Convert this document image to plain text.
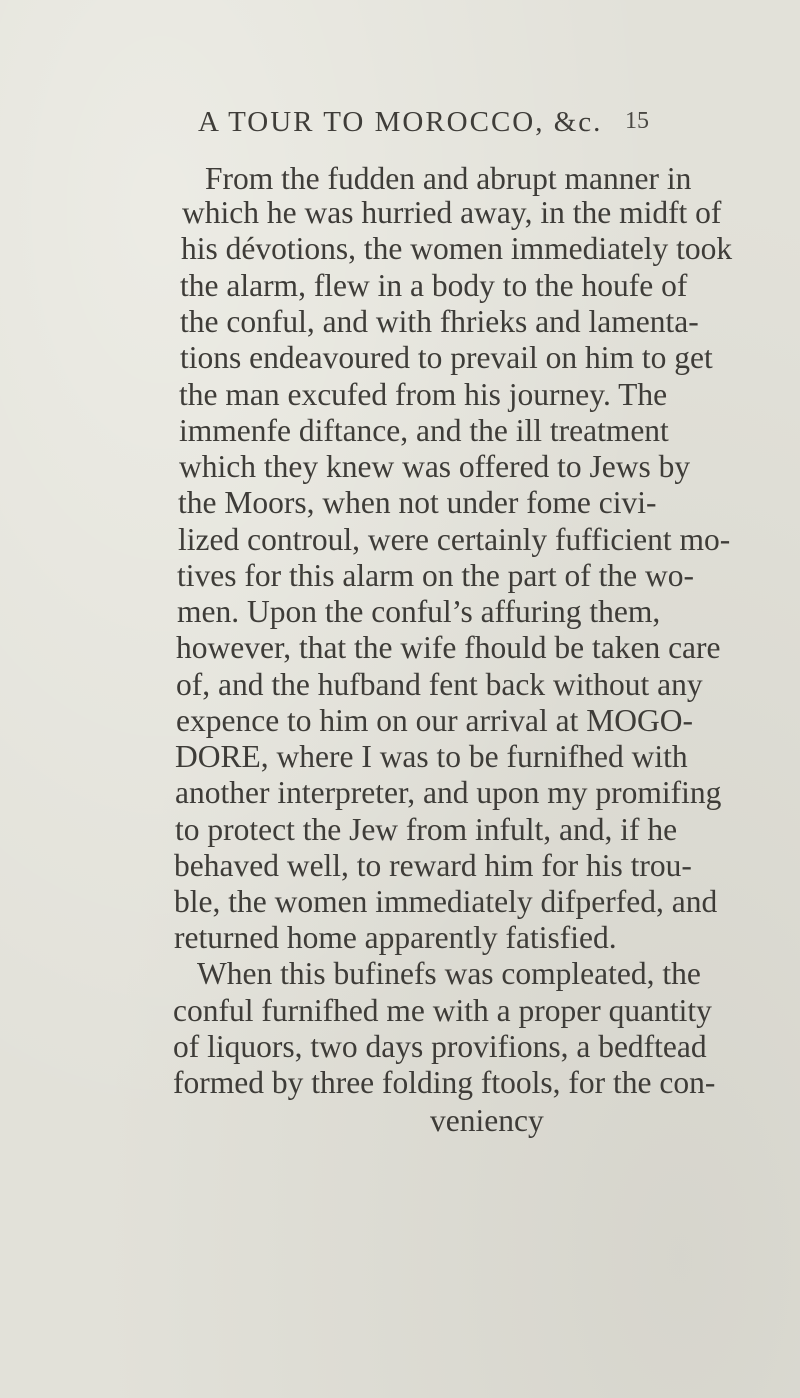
A TOUR TO MOROCCO, &c. 15
From the fudden and abrupt manner in
which he was hurried away, in the midft of
his dévotions, the women immediately took
the alarm, flew in a body to the houfe of
the conful, and with fhrieks and lamenta-
tions endeavoured to prevail on him to get
the man excufed from his journey. The
immenfe diftance, and the ill treatment
which they knew was offered to Jews by
the Moors, when not under fome civi-
lized controul, were certainly fufficient mo-
tives for this alarm on the part of the wo-
men. Upon the conful’s affuring them,
however, that the wife fhould be taken care
of, and the hufband fent back without any
expence to him on our arrival at MOGO-
DORE, where I was to be furnifhed with
another interpreter, and upon my promifing
to protect the Jew from infult, and, if he
behaved well, to reward him for his trou-
ble, the women immediately difperfed, and
returned home apparently fatisfied.
When this bufinefs was compleated, the
conful furnifhed me with a proper quantity
of liquors, two days provifions, a bedftead
formed by three folding ftools, for the con-
veniency
